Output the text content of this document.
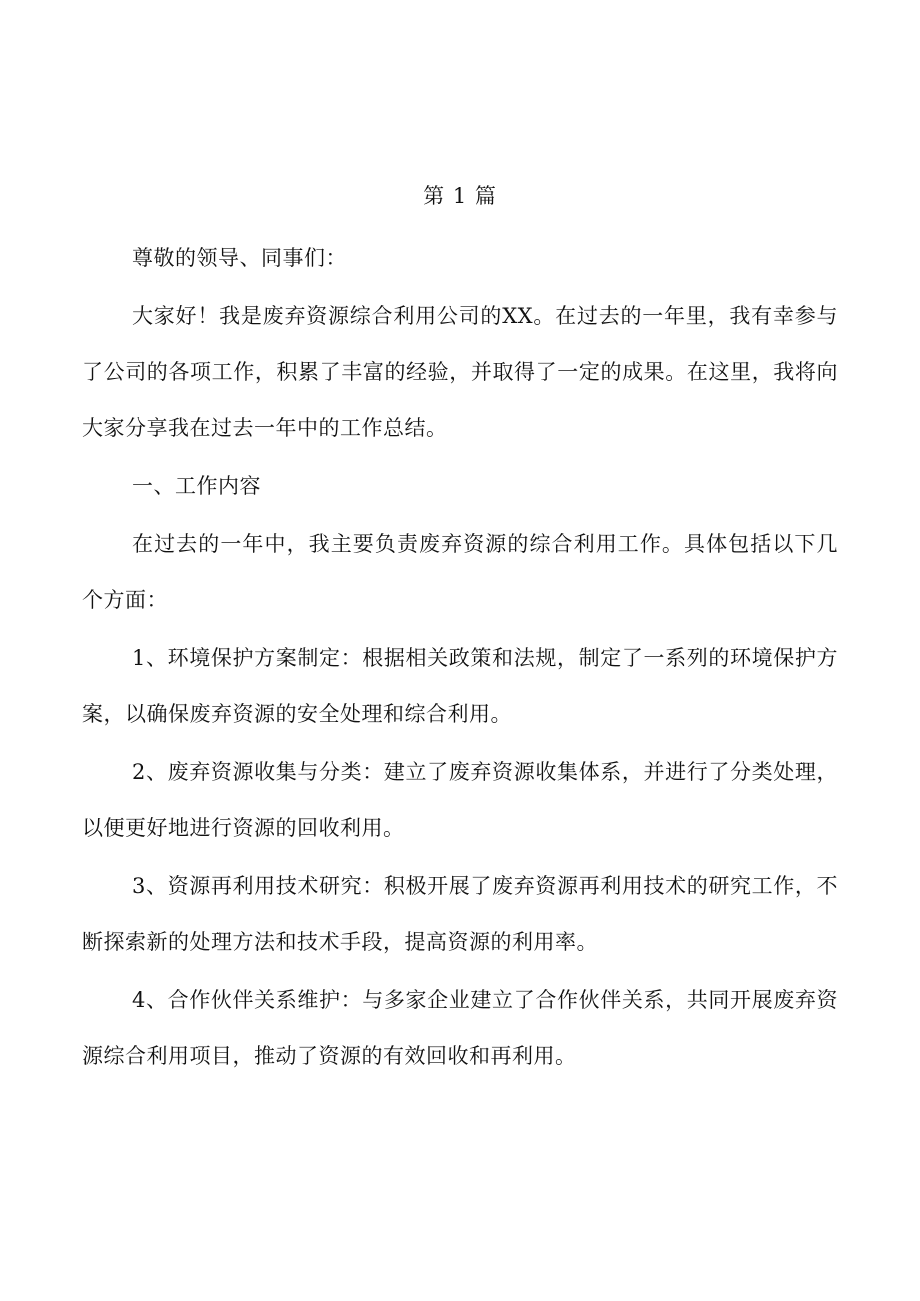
第 1 篇
尊敬的领导、同事们：
大家好！我是废弃资源综合利用公司的XX。在过去的一年里，我有幸参与了公司的各项工作，积累了丰富的经验，并取得了一定的成果。在这里，我将向大家分享我在过去一年中的工作总结。
一、工作内容
在过去的一年中，我主要负责废弃资源的综合利用工作。具体包括以下几个方面：
1、环境保护方案制定：根据相关政策和法规，制定了一系列的环境保护方案，以确保废弃资源的安全处理和综合利用。
2、废弃资源收集与分类：建立了废弃资源收集体系，并进行了分类处理，以便更好地进行资源的回收利用。
3、资源再利用技术研究：积极开展了废弃资源再利用技术的研究工作，不断探索新的处理方法和技术手段，提高资源的利用率。
4、合作伙伴关系维护：与多家企业建立了合作伙伴关系，共同开展废弃资源综合利用项目，推动了资源的有效回收和再利用。
